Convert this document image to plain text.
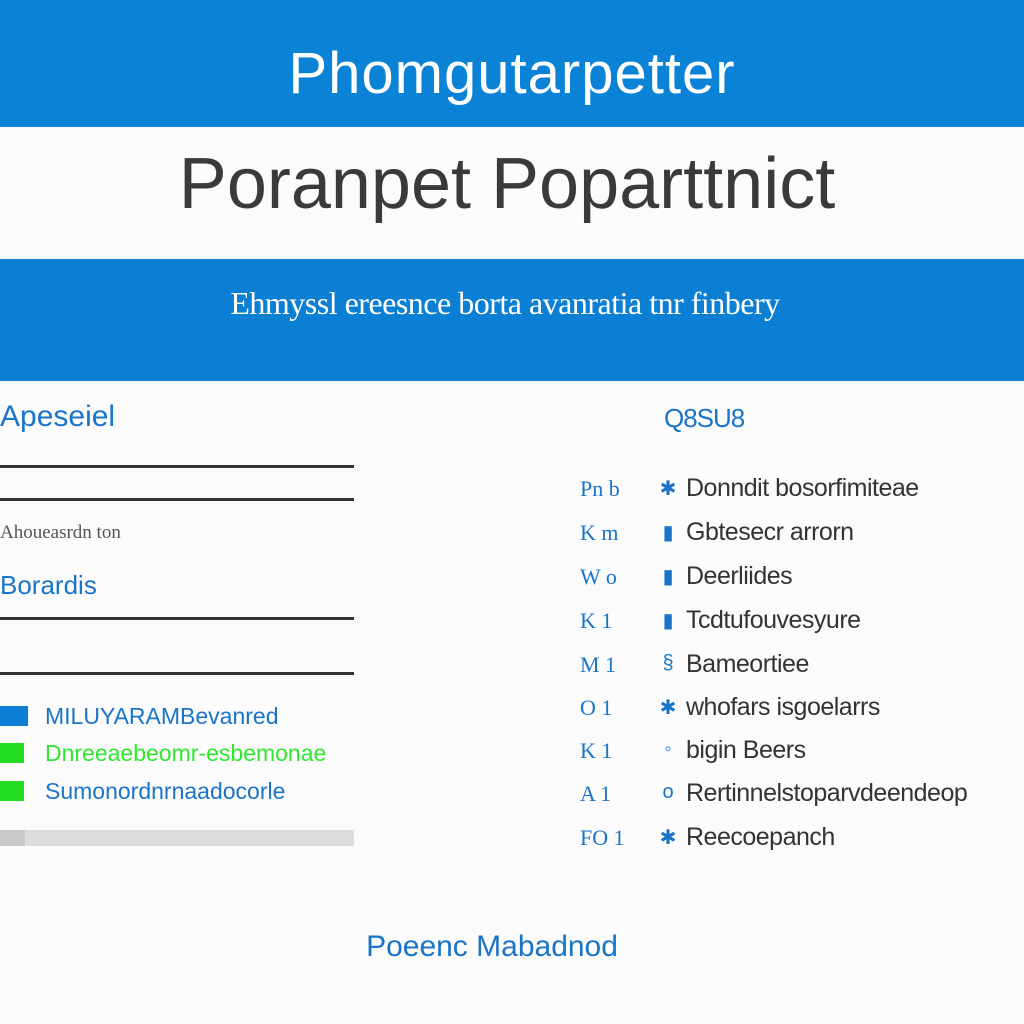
Phomgutarpetter
Poranpet Poparttnict
Ehmyssl ereesnce borta avanratia tnr finbery
Apeseiel
Ahoueasrdn ton
Borardis
MILUYARAMBevanred
Dnreeaebeomr-esbemonae
Sumonordnrnaadocorle
Q8SU8
Pn b	✱ Donndit bosorfimiteae
K m	▮ Gbtesecr arrorn
W o	▮ Deerliides
K 1	▮ Tcdtufouvesyure
M 1	§ Bameortiee
O 1	✱ whofars isgoelarrs
K 1	◦ bigin Beers
A 1	o Rertinnelstoparvdeendeop
FO 1	✱ Reecoepanch
Poeenc Mabadnod
